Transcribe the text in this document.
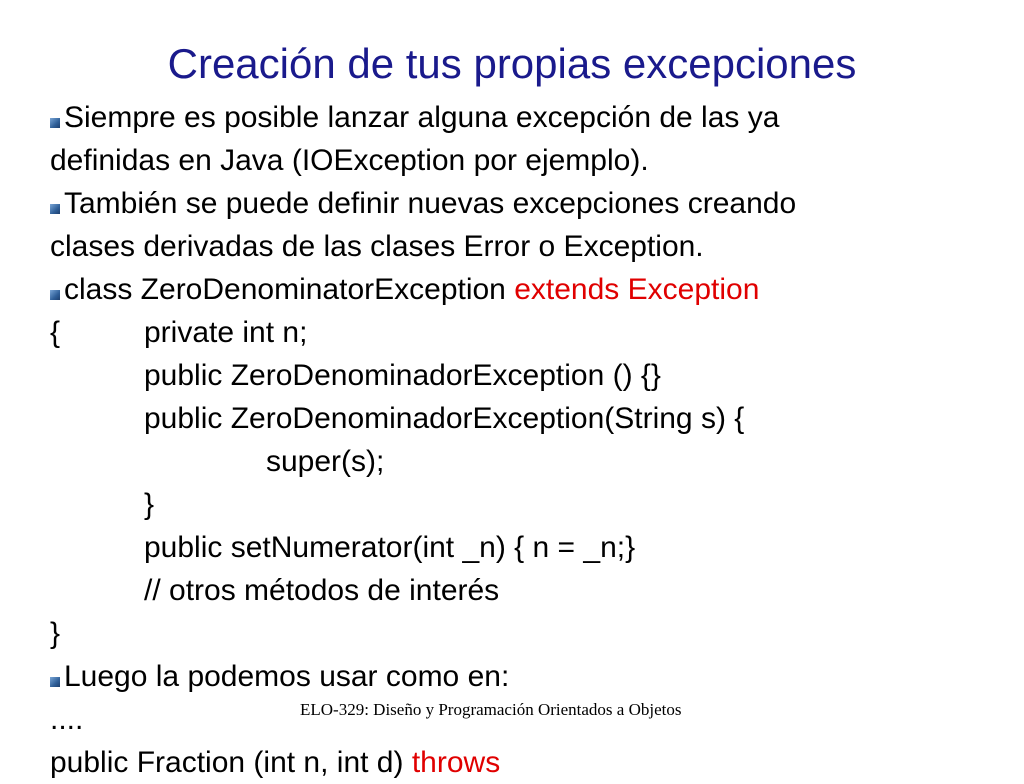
Creación de tus propias excepciones
Siempre es posible lanzar alguna excepción de las ya
definidas en Java (IOException por ejemplo).
También se puede definir nuevas excepciones creando
clases derivadas de las clases Error o Exception.
class ZeroDenominatorException extends Exception
{	private int n;
public ZeroDenominadorException () {}
public ZeroDenominadorException(String s) {
super(s);
}
public setNumerator(int _n) { n = _n;}
// otros métodos de interés
}
Luego la podemos usar como en:
....
public Fraction (int n, int d) throws
ELO-329: Diseño y Programación Orientados a Objetos
